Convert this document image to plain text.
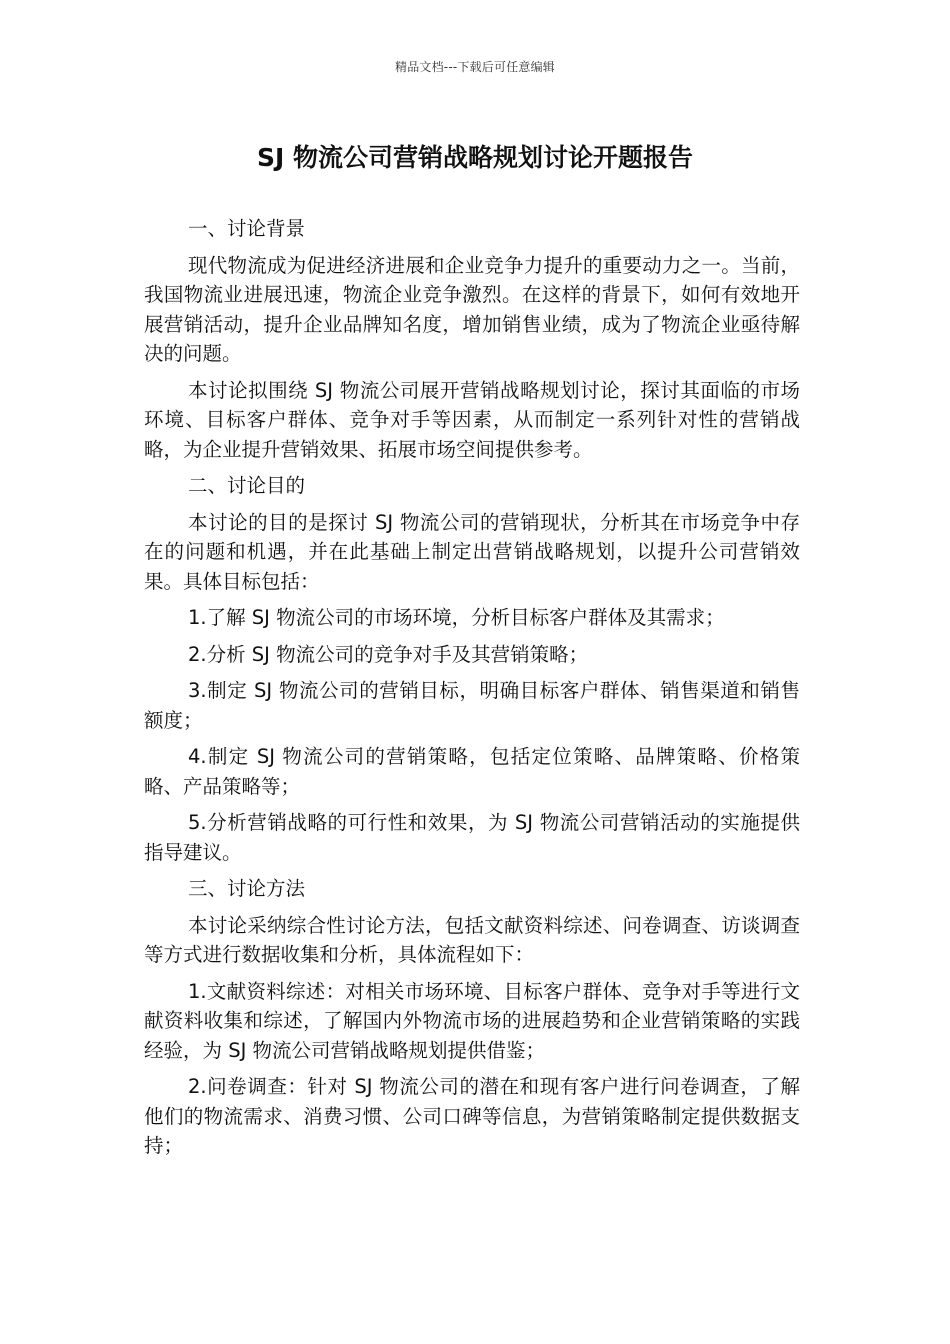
精品文档---下载后可任意编辑
SJ 物流公司营销战略规划讨论开题报告

一、讨论背景

现代物流成为促进经济进展和企业竞争力提升的重要动力之一。当前，我国物流业进展迅速，物流企业竞争激烈。在这样的背景下，如何有效地开展营销活动，提升企业品牌知名度，增加销售业绩，成为了物流企业亟待解决的问题。

本讨论拟围绕 SJ 物流公司展开营销战略规划讨论，探讨其面临的市场环境、目标客户群体、竞争对手等因素，从而制定一系列针对性的营销战略，为企业提升营销效果、拓展市场空间提供参考。

二、讨论目的

本讨论的目的是探讨 SJ 物流公司的营销现状，分析其在市场竞争中存在的问题和机遇，并在此基础上制定出营销战略规划，以提升公司营销效果。具体目标包括：

1.了解 SJ 物流公司的市场环境，分析目标客户群体及其需求；

2.分析 SJ 物流公司的竞争对手及其营销策略；

3.制定 SJ 物流公司的营销目标，明确目标客户群体、销售渠道和销售额度；

4.制定 SJ 物流公司的营销策略，包括定位策略、品牌策略、价格策略、产品策略等；

5.分析营销战略的可行性和效果，为 SJ 物流公司营销活动的实施提供指导建议。

三、讨论方法

本讨论采纳综合性讨论方法，包括文献资料综述、问卷调查、访谈调查等方式进行数据收集和分析，具体流程如下：

1.文献资料综述：对相关市场环境、目标客户群体、竞争对手等进行文献资料收集和综述，了解国内外物流市场的进展趋势和企业营销策略的实践经验，为 SJ 物流公司营销战略规划提供借鉴；

2.问卷调查：针对 SJ 物流公司的潜在和现有客户进行问卷调查，了解他们的物流需求、消费习惯、公司口碑等信息，为营销策略制定提供数据支持；
